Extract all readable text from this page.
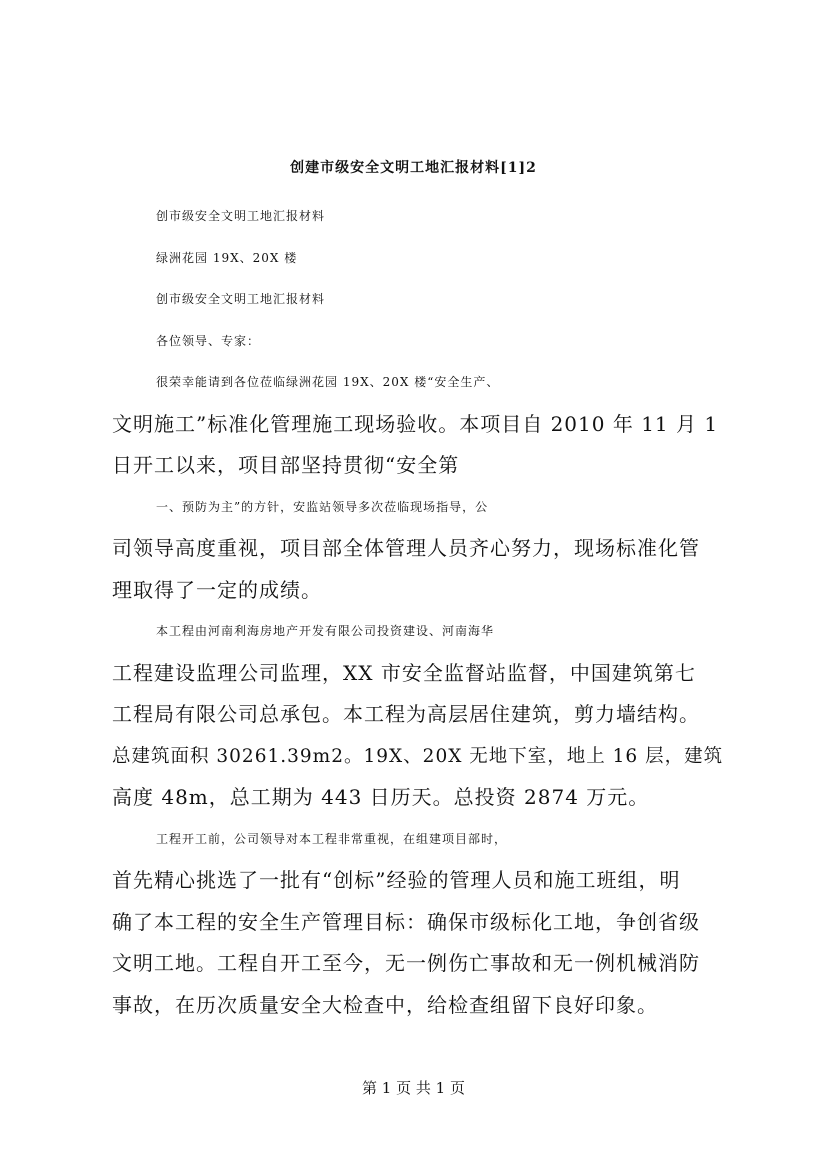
创建市级安全文明工地汇报材料[1]2
创市级安全文明工地汇报材料
绿洲花园 19X、20X 楼
创市级安全文明工地汇报材料
各位领导、专家：
很荣幸能请到各位莅临绿洲花园 19X、20X 楼“安全生产、
文明施工”标准化管理施工现场验收。本项目自 2010 年 11 月 1
日开工以来，项目部坚持贯彻“安全第
一、预防为主”的方针，安监站领导多次莅临现场指导，公
司领导高度重视，项目部全体管理人员齐心努力，现场标准化管
理取得了一定的成绩。
本工程由河南利海房地产开发有限公司投资建设、河南海华
工程建设监理公司监理，XX 市安全监督站监督，中国建筑第七
工程局有限公司总承包。本工程为高层居住建筑，剪力墙结构。
总建筑面积 30261.39m2。19X、20X 无地下室，地上 16 层，建筑
高度 48m，总工期为 443 日历天。总投资 2874 万元。
工程开工前，公司领导对本工程非常重视，在组建项目部时，
首先精心挑选了一批有“创标”经验的管理人员和施工班组，明
确了本工程的安全生产管理目标：确保市级标化工地，争创省级
文明工地。工程自开工至今，无一例伤亡事故和无一例机械消防
事故，在历次质量安全大检查中，给检查组留下良好印象。
第 1 页 共 1 页
